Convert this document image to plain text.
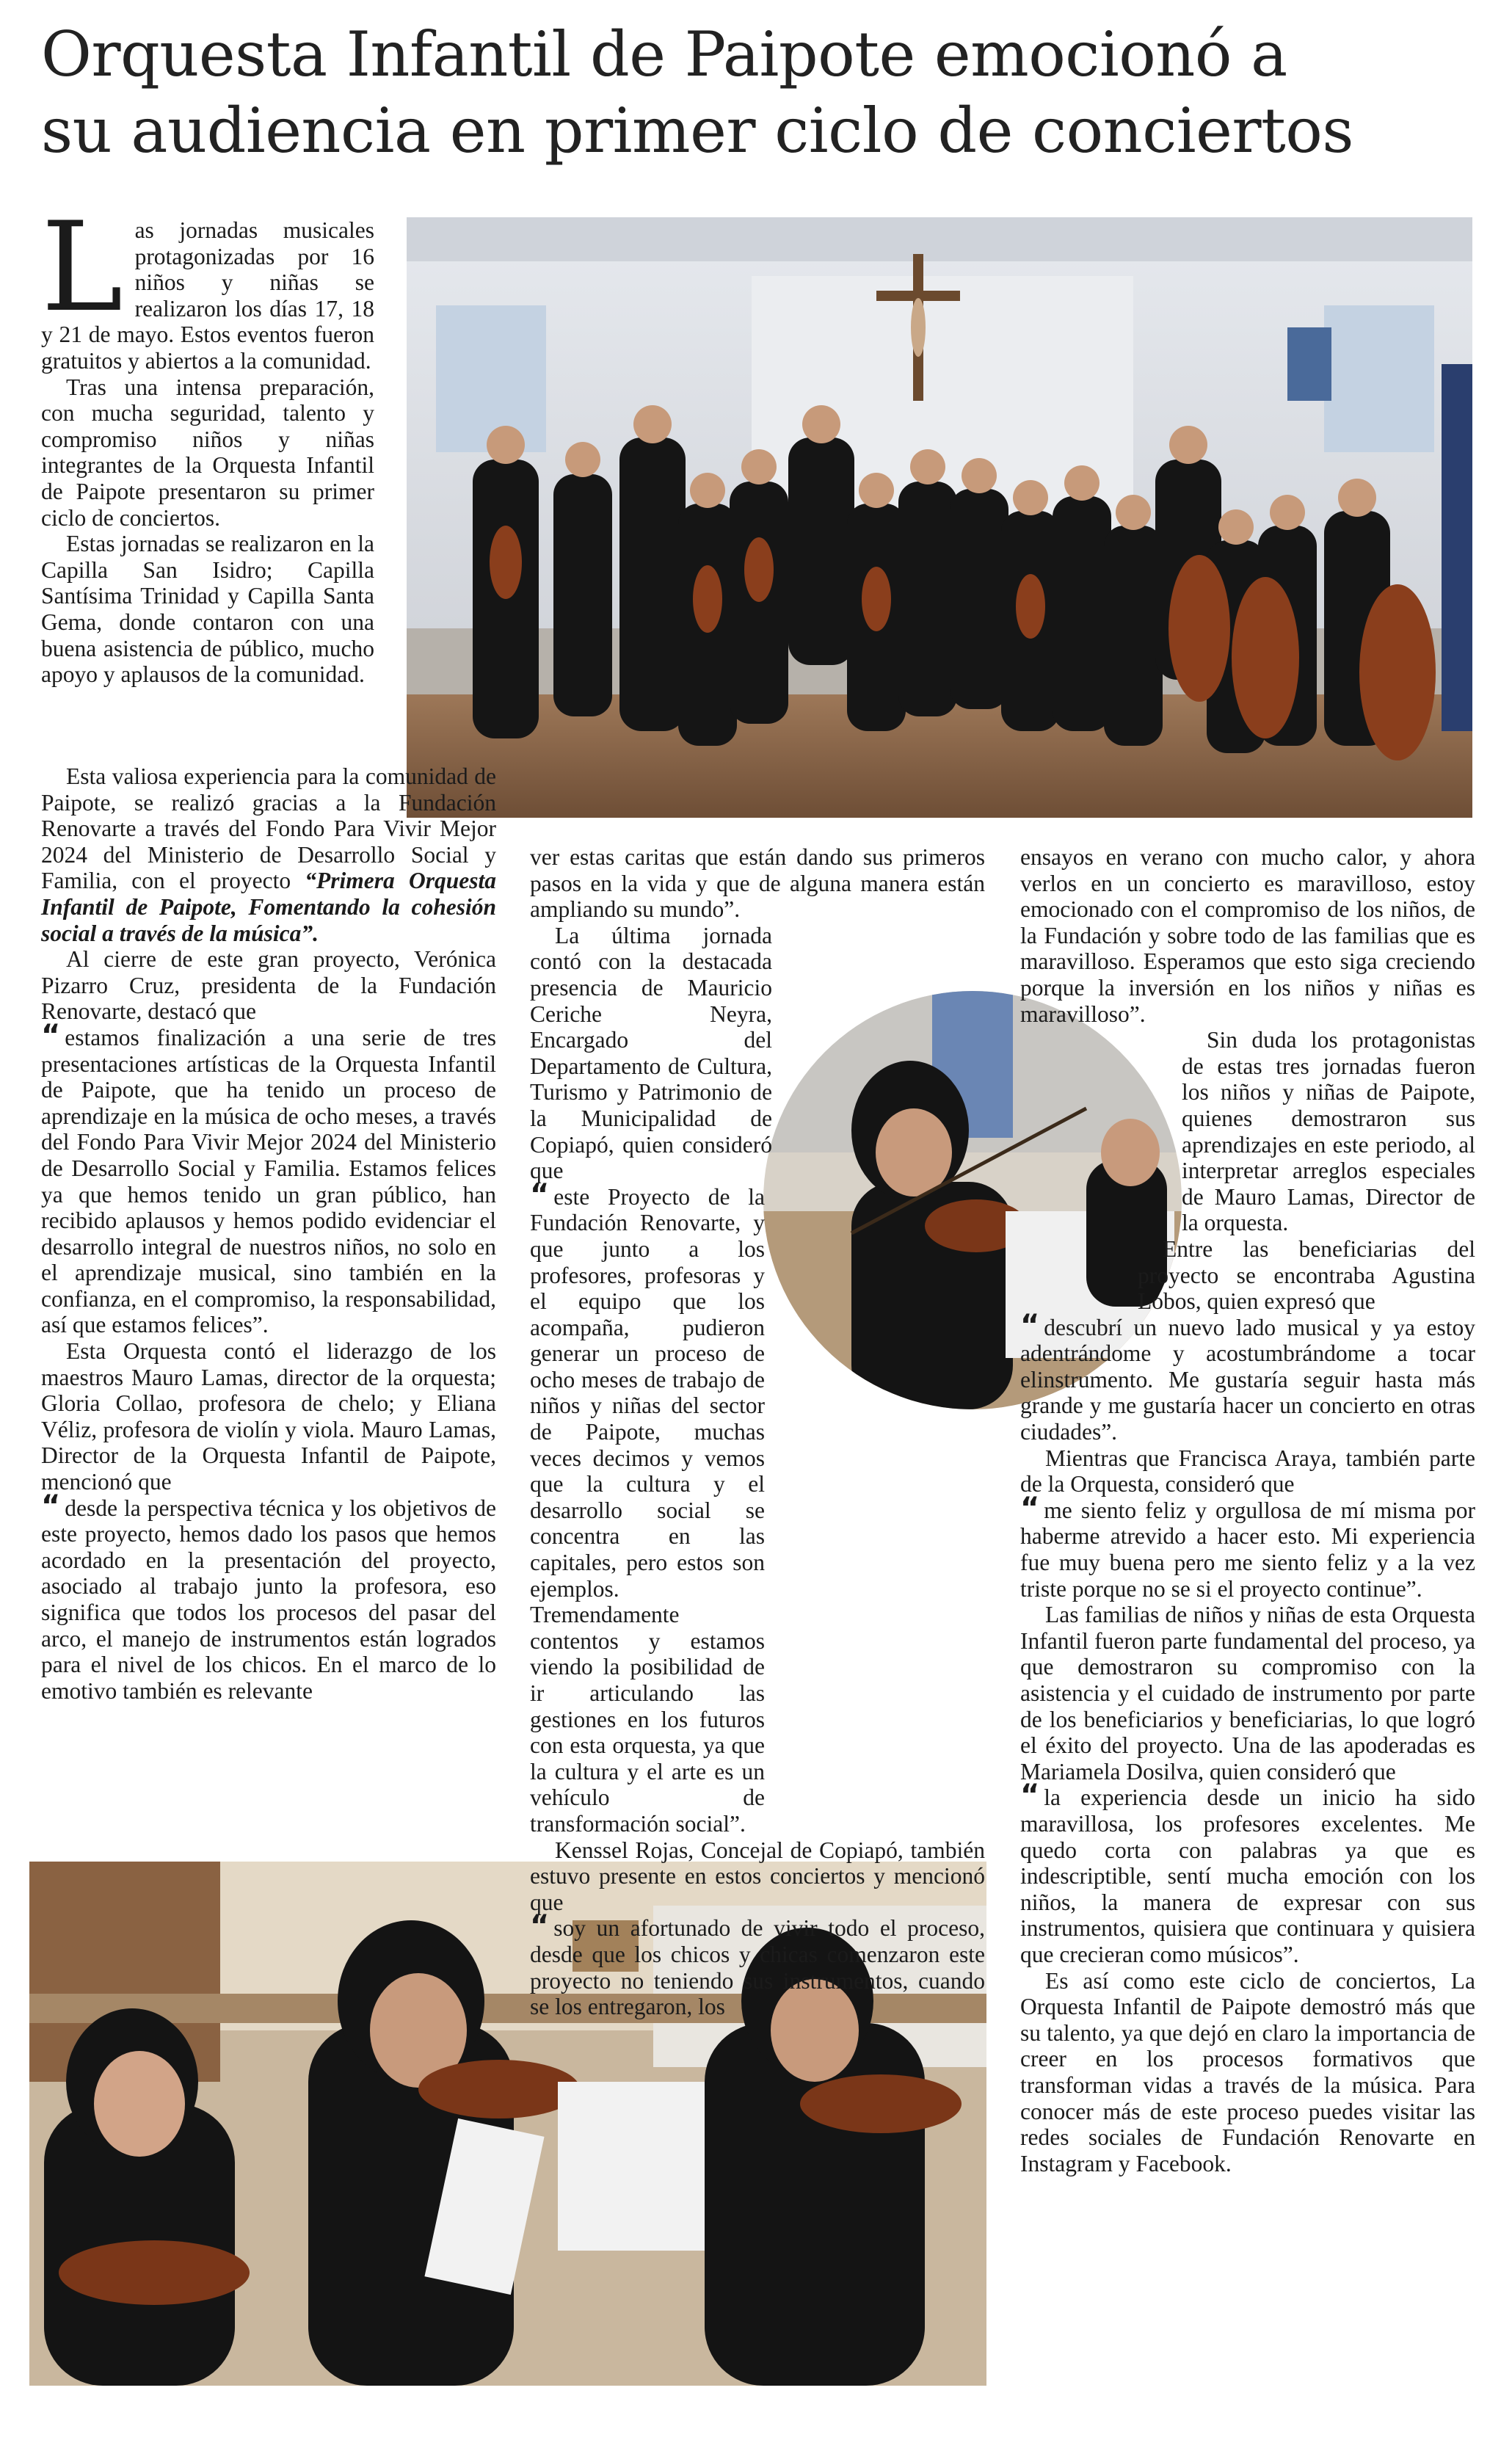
Orquesta Infantil de Paipote emocionó a
su audiencia en primer ciclo de conciertos

Las jornadas musicales protagonizadas por 16 niños y niñas se realizaron los días 17, 18 y 21 de mayo. Estos eventos fueron gratuitos y abiertos a la comunidad.

Tras una intensa preparación, con mucha seguridad, talento y compromiso niños y niñas integrantes de la Orquesta Infantil de Paipote presentaron su primer ciclo de conciertos.

Estas jornadas se realizaron en la Capilla San Isidro; Capilla Santísima Trinidad y Capilla Santa Gema, donde contaron con una buena asistencia de público, mucho apoyo y aplausos de la comunidad.

Esta valiosa experiencia para la comunidad de Paipote, se realizó gracias a la Fundación Renovarte a través del Fondo Para Vivir Mejor 2024 del Ministerio de Desarrollo Social y Familia, con el proyecto “Primera Orquesta Infantil de Paipote, Fomentando la cohesión social a través de la música”.

Al cierre de este gran proyecto, Verónica Pizarro Cruz, presidenta de la Fundación Renovarte, destacó que

“ estamos finalización a una serie de tres presentaciones artísticas de la Orquesta Infantil de Paipote, que ha tenido un proceso de aprendizaje en la música de ocho meses, a través del Fondo Para Vivir Mejor 2024 del Ministerio de Desarrollo Social y Familia. Estamos felices ya que hemos tenido un gran público, han recibido aplausos y hemos podido evidenciar el desarrollo integral de nuestros niños, no solo en el aprendizaje musical, sino también en la confianza, en el compromiso, la responsabilidad, así que estamos felices”.

Esta Orquesta contó el liderazgo de los maestros Mauro Lamas, director de la orquesta; Gloria Collao, profesora de chelo; y Eliana Véliz, profesora de violín y viola. Mauro Lamas, Director de la Orquesta Infantil de Paipote, mencionó que

“ desde la perspectiva técnica y los objetivos de este proyecto, hemos dado los pasos que hemos acordado en la presentación del proyecto, asociado al trabajo junto la profesora, eso significa que todos los procesos del pasar del arco, el manejo de instrumentos están logrados para el nivel de los chicos. En el marco de lo emotivo también es relevante

ver estas caritas que están dando sus primeros pasos en la vida y que de alguna manera están ampliando su mundo”.

La última jornada contó con la destacada presencia de Mauricio Ceriche Neyra, Encargado del Departamento de Cultura, Turismo y Patrimonio de la Municipalidad de Copiapó, quien consideró que

“ este Proyecto de la Fundación Renovarte, y que junto a los profesores, profesoras y el equipo que los acompaña, pudieron generar un proceso de ocho meses de trabajo de niños y niñas del sector de Paipote, muchas veces decimos y vemos que la cultura y el desarrollo social se concentra en las capitales, pero estos son ejemplos. Tremendamente contentos y estamos viendo la posibilidad de ir articulando las gestiones en los futuros con esta orquesta, ya que la cultura y el arte es un vehículo de transformación social”.

Kenssel Rojas, Concejal de Copiapó, también estuvo presente en estos conciertos y mencionó que

“ soy un afortunado de vivir todo el proceso, desde que los chicos y chicas comenzaron este proyecto no teniendo sus instrumentos, cuando se los entregaron, los

ensayos en verano con mucho calor, y ahora verlos en un concierto es maravilloso, estoy emocionado con el compromiso de los niños, de la Fundación y sobre todo de las familias que es maravilloso. Esperamos que esto siga creciendo porque la inversión en los niños y niñas es maravilloso”.

Sin duda los protagonistas de estas tres jornadas fueron los niños y niñas de Paipote, quienes demostraron sus aprendizajes en este periodo, al interpretar arreglos especiales de Mauro Lamas, Director de la orquesta.

Entre las beneficiarias del proyecto se encontraba Agustina Lobos, quien expresó que

“ descubrí un nuevo lado musical y ya estoy adentrándome y acostumbrándome a tocar elinstrumento. Me gustaría seguir hasta más grande y me gustaría hacer un concierto en otras ciudades”.

Mientras que Francisca Araya, también parte de la Orquesta, consideró que

“ me siento feliz y orgullosa de mí misma por haberme atrevido a hacer esto. Mi experiencia fue muy buena pero me siento feliz y a la vez triste porque no se si el proyecto continue”.

Las familias de niños y niñas de esta Orquesta Infantil fueron parte fundamental del proceso, ya que demostraron su compromiso con la asistencia y el cuidado de instrumento por parte de los beneficiarios y beneficiarias, lo que logró el éxito del proyecto. Una de las apoderadas es Mariamela Dosilva, quien consideró que

“ la experiencia desde un inicio ha sido maravillosa, los profesores excelentes. Me quedo corta con palabras ya que es indescriptible, sentí mucha emoción con los niños, la manera de expresar con sus instrumentos, quisiera que continuara y quisiera que crecieran como músicos”.

Es así como este ciclo de conciertos, La Orquesta Infantil de Paipote demostró más que su talento, ya que dejó en claro la importancia de creer en los procesos formativos que transforman vidas a través de la música. Para conocer más de este proceso puedes visitar las redes sociales de Fundación Renovarte en Instagram y Facebook.
